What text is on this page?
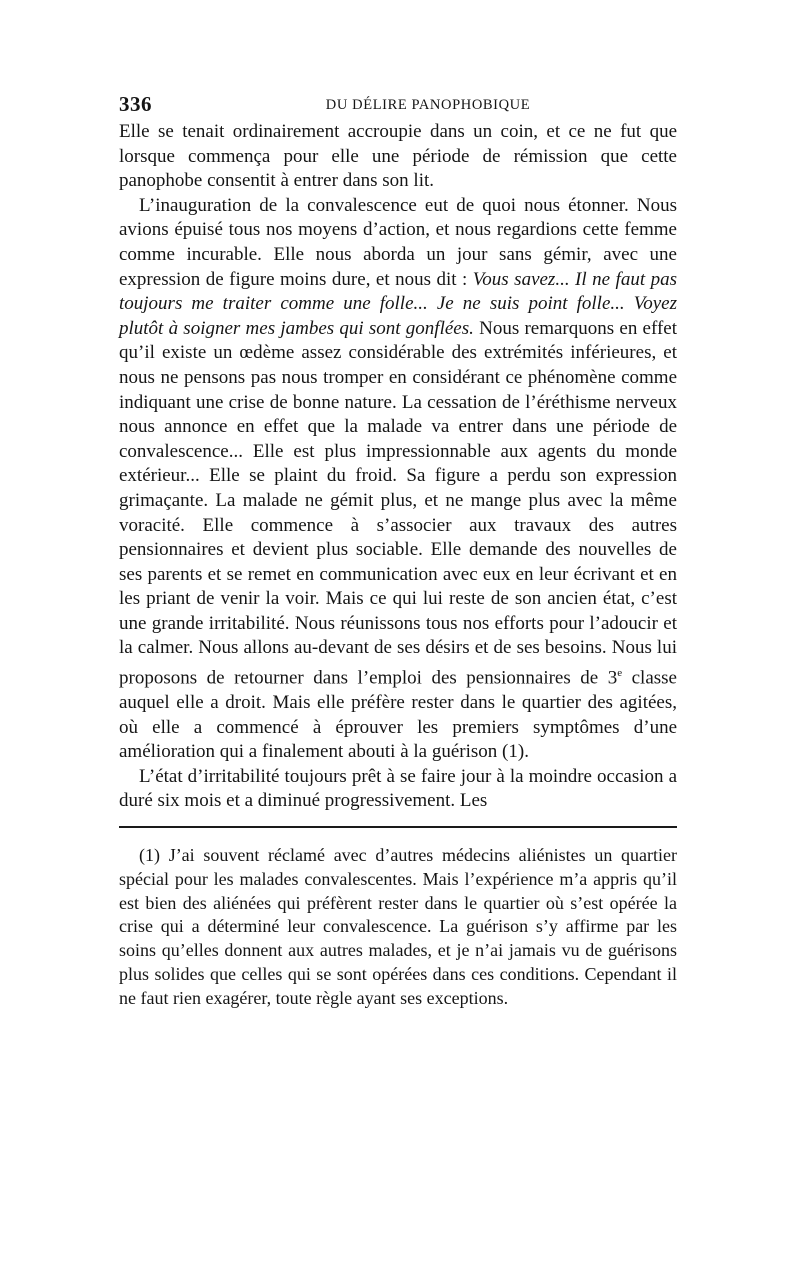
336	DU DÉLIRE PANOPHOBIQUE

Elle se tenait ordinairement accroupie dans un coin, et ce ne fut que lorsque commença pour elle une période de rémission que cette panophobe consentit à entrer dans son lit.

L’inauguration de la convalescence eut de quoi nous étonner. Nous avions épuisé tous nos moyens d’action, et nous regardions cette femme comme incurable. Elle nous aborda un jour sans gémir, avec une expression de figure moins dure, et nous dit : Vous savez... Il ne faut pas toujours me traiter comme une folle... Je ne suis point folle... Voyez plutôt à soigner mes jambes qui sont gonflées. Nous remarquons en effet qu’il existe un œdème assez considérable des extrémités inférieures, et nous ne pensons pas nous tromper en considérant ce phénomène comme indiquant une crise de bonne nature. La cessation de l’éréthisme nerveux nous annonce en effet que la malade va entrer dans une période de convalescence... Elle est plus impressionnable aux agents du monde extérieur... Elle se plaint du froid. Sa figure a perdu son expression grimaçante. La malade ne gémit plus, et ne mange plus avec la même voracité. Elle commence à s’associer aux travaux des autres pensionnaires et devient plus sociable. Elle demande des nouvelles de ses parents et se remet en communication avec eux en leur écrivant et en les priant de venir la voir. Mais ce qui lui reste de son ancien état, c’est une grande irritabilité. Nous réunissons tous nos efforts pour l’adoucir et la calmer. Nous allons au-devant de ses désirs et de ses besoins. Nous lui proposons de retourner dans l’emploi des pensionnaires de 3e classe auquel elle a droit. Mais elle préfère rester dans le quartier des agitées, où elle a commencé à éprouver les premiers symptômes d’une amélioration qui a finalement abouti à la guérison (1).

L’état d’irritabilité toujours prêt à se faire jour à la moindre occasion a duré six mois et a diminué progressivement. Les

(1) J’ai souvent réclamé avec d’autres médecins aliénistes un quartier spécial pour les malades convalescentes. Mais l’expérience m’a appris qu’il est bien des aliénées qui préfèrent rester dans le quartier où s’est opérée la crise qui a déterminé leur convalescence. La guérison s’y affirme par les soins qu’elles donnent aux autres malades, et je n’ai jamais vu de guérisons plus solides que celles qui se sont opérées dans ces conditions. Cependant il ne faut rien exagérer, toute règle ayant ses exceptions.
